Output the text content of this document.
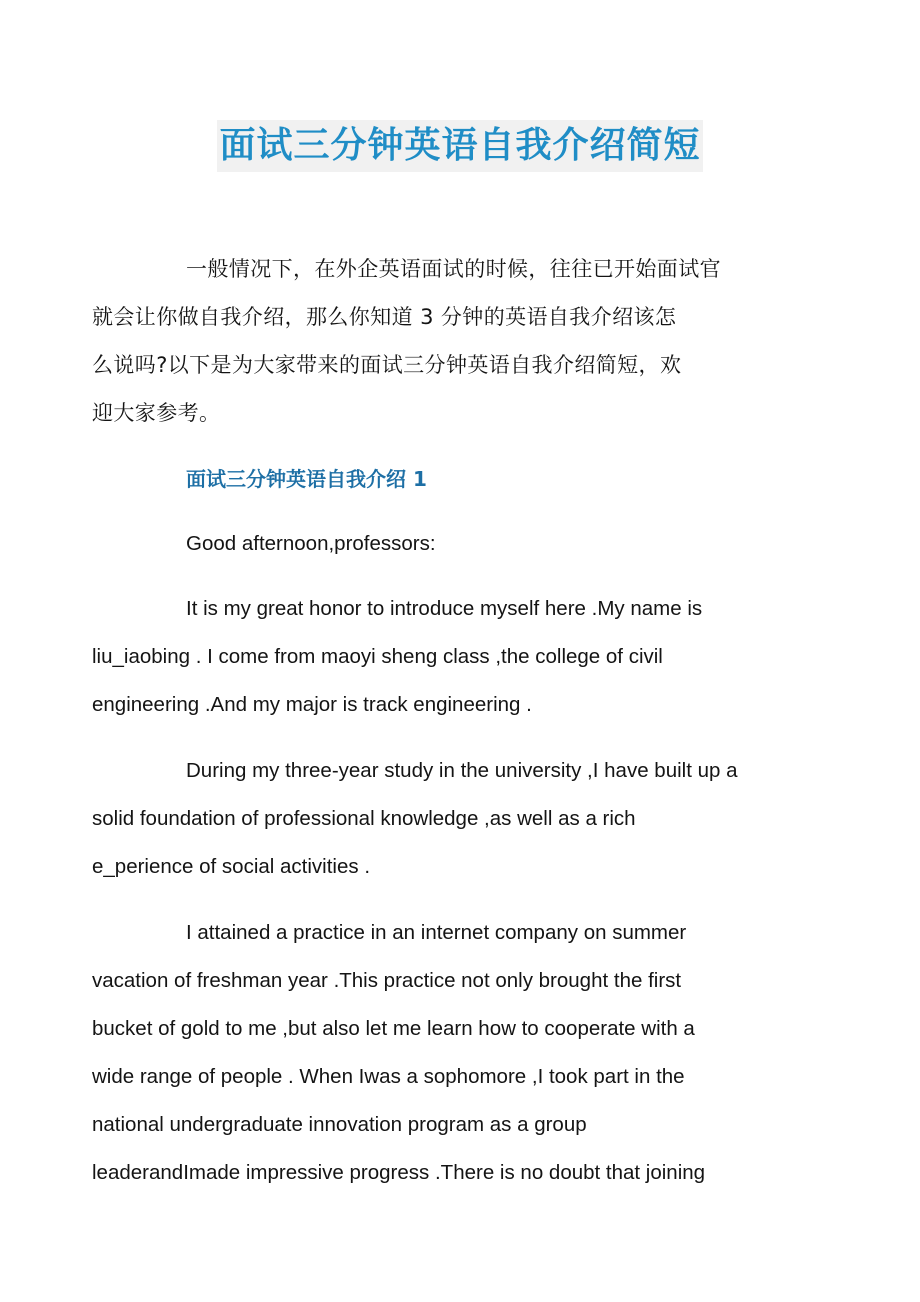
面试三分钟英语自我介绍简短

一般情况下，在外企英语面试的时候，往往已开始面试官
就会让你做自我介绍，那么你知道 3 分钟的英语自我介绍该怎
么说吗?以下是为大家带来的面试三分钟英语自我介绍简短，欢
迎大家参考。

面试三分钟英语自我介绍 1

Good afternoon,professors:

It is my great honor to introduce myself here .My name is
liu_iaobing . I come from maoyi sheng class ,the college of civil
engineering .And my major is track engineering .

During my three-year study in the university ,I have built up a
solid foundation of professional knowledge ,as well as a rich
e_perience of social activities .

I attained a practice in an internet company on summer
vacation of freshman year .This practice not only brought the first
bucket of gold to me ,but also let me learn how to cooperate with a
wide range of people . When Iwas a sophomore ,I took part in the
national undergraduate innovation program as a group
leaderandImade impressive progress .There is no doubt that joining
